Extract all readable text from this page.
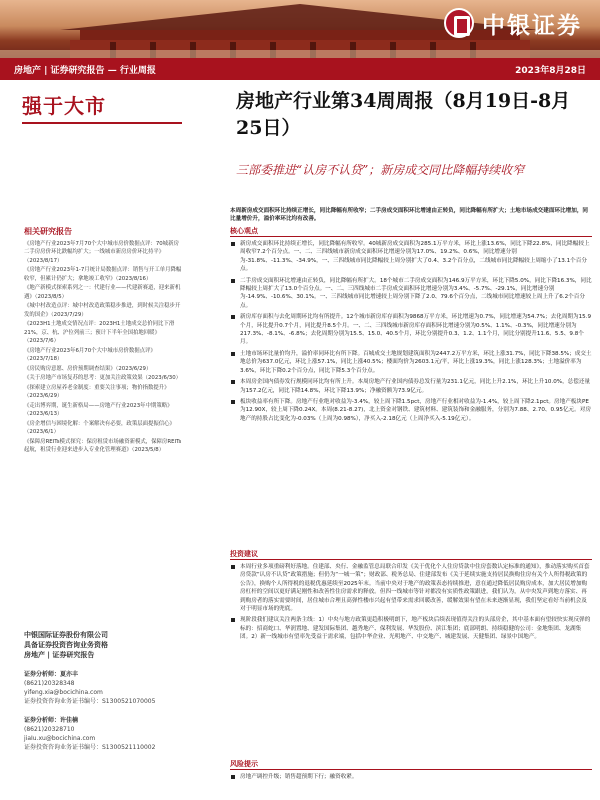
中银证券
房地产 | 证券研究报告 — 行业周报	2023年8月28日
强于大市
相关研究报告
《房地产行业2023年7月70个大中城市房价数据点评：70城新房二手房房价环比跌幅均扩大；一线城市新房房价环比持平》（2023/8/17）
《房地产行业2023年1-7月统计局数据点评：销售与开工单月降幅收窄，但累计仍扩大；拿地竣工收窄》（2023/8/16）
《地产新模式探索系列之一：代建行业——代建新赛道，迎来新机遇》（2023/8/5）
《城中村改造点评：城中村改造政策稳步推进，到时候关注稳步开发的国企》（2023/7/29）
《2023H1土地成交情况点评：2023H1土地成交总价同比下滑21%，京、杭、沪位列前三；预计下半年全国拍地回暖》（2023/7/6）
《房地产行业2023年6月70个大中城市房价数据点评》（2023/7/18）
《房民购房意愿、房价预期调查结果》（2023/6/29）
《关于房地产市场复苏的思考：更加关注政策效果（2023/6/30）
《探索建立房屋养老金制度：重要关注事项；物价指数提升》（2023/6/29）
《走出博弈期，诞生新格局——房地产行业2023年中期策略》（2023/6/13）
《房企增信与困境化解：个案解决有必要，政策层面提振信心》（2023/6/1）
《保障房REITs模式探究：保房租赁市场融资新模式，保障房REITs起航，租赁行业迎来进步入专业化管理赛道》（2023/5/8）
中银国际证券股份有限公司
具备证券投资咨询业务资格
房地产 | 证券研究报告
证券分析师：夏亦丰
(8621)20328348
yifeng.xia@bocichina.com
证券投资咨询业务证书编号：S1300521070005
证券分析师：许佳楠
(8621)20328710
jiaIu.xu@bocichina.com
证券投资咨询业务证书编号：S1300521110002
房地产行业第34周周报（8月19日-8月25日）
三部委推进“认房不认贷”；新房成交同比降幅持续收窄
本周新房成交面积环比持续正增长，同比降幅有所收窄；二手房成交面积环比增速由正转负，同比降幅有所扩大；土地市场成交建面环比增加，同比量增价升，溢价率环比均有改善。
核心观点
新房成交面积环比持续正增长，同比降幅有所收窄。40城新房成交面积为285.1万平方米，环比上涨13.6%，同比下降22.8%，同比降幅较上周收窄7.2个百分点。一、二、三四线城市新房成交面积环比增速分别为17.0%、19.2%、0.6%，同比增速分别为-31.8%、-11.3%、-34.9%，一、三四线城市同比降幅较上周分别扩大了0.4、3.2个百分点，二线城市同比降幅较上周缩小了13.1个百分点。
二手房成交面积环比增速由正转负，同比降幅有所扩大。18个城市二手房成交面积为146.9万平方米，环比下降5.0%，同比下降16.3%，同比降幅较上周扩大了13.0个百分点。一、二、三四线城市二手房成交面积环比增速分别为3.4%、-5.7%、-29.1%，同比增速分别为-14.9%、-10.6%、30.1%。一、三四线城市同比增速较上周分别下降了2.0、79.6个百分点，二线城市同比增速较上周上升了6.2个百分点。
新房库存面积与去化周期环比均有所提升。12个城市新房库存面积为9868万平方米，环比增速为0.7%，同比增速为54.7%；去化周期为15.9个月，环比提升0.7个月，同比提升8.5个月。一、二、三四线城市新房库存面积环比增速分别为0.5%、1.1%、-0.3%，同比增速分别为217.3%、-8.1%、-6.8%；去化周期分别为15.5、15.0、40.5个月，环比分别提升0.3、1.2、1.1个月，同比分别提升11.6、5.5、9.8个月。
土地市场环比量价均升，溢价率同环比有所下降。百城成交土地规划建筑面积为2447.2万平方米，环比上涨31.7%，同比下降38.5%；成交土地总价为637.0亿元，环比上涨57.1%，同比上涨40.5%；楼面均价为2603.1元/平，环比上涨19.3%，同比上涨128.3%；土地溢价率为3.6%，环比下降0.2个百分点，同比下降5.3个百分点。
本周房企国内债券发行规模同环比均有所上升。本周房地产行业国内债券总发行量为231.1亿元，同比上升2.1%，环比上升10.0%，总偿还量为157.2亿元，同比下降14.8%，环比下降13.9%；净融资额为73.9亿元。
板块收益率有所下降。房地产行业绝对收益为-3.4%，较上周下降1.5pct，房地产行业相对收益为-1.4%，较上周下降2.1pct。房地产板块PE为12.90X，较上周下降0.24X。本周(8.21-8.27)，北上资金对钢铁、建筑材料、建筑装饰和金融服务，分别为7.88、2.70、0.95亿元。对房地产的持股占比变化为-0.03%（上周为0.98%），净买入-2.18亿元（上周净买入-5.19亿元）。
投资建议
本周行业多项重磅利好落地。住建部、央行、金融监管总局联合印发《关于优化个人住房贷款中住房套数认定标准的通知》，推动落实购买首套房贷款“认房不认贷”政策措施；但仍为“一城一策”；财政部、税务总局、住建部发布《关于延续实施支持居民换购住房有关个人所得税政策的公告》，换购个人所得税的退税优惠延续至2025年末。当前中央对于地产的政策表态持续推进，意在通过降低居民购房成本，加大居民增加购房杠杆的空间以更好满足刚性和改善性住房需求的释放。但四一线城市等针对都没有实质性政策跟进，我们认为，从中央发声到地方落实、再到购房者的落实需要时间，居住城市合理且高弹性楼市兴起有望带来需求回暖改善，缓解效果有望在未来逐渐显现，我们坚定看好当前机会及对于明显市场的兜底。
现阶段我们建议关注两条主线：1）中央与地方政策更趋积极明朗下，地产板块后续表现值得关注的头部房企，其中基本面有望较快实现反弹的标的：招商蛇口、华润置地、建发国际集团、越秀地产、保利发展、华发股份、滨江集团；底部明朗、持续稳健的公司：金地集团、龙湖集团。2）新一线城市有望率先受益于需求端，包括中华企业、光明地产、中交地产、城建发展、天健集团、绿景中国地产。
风险提示
房地产调控升级；销售超预期下行；融资收紧。
